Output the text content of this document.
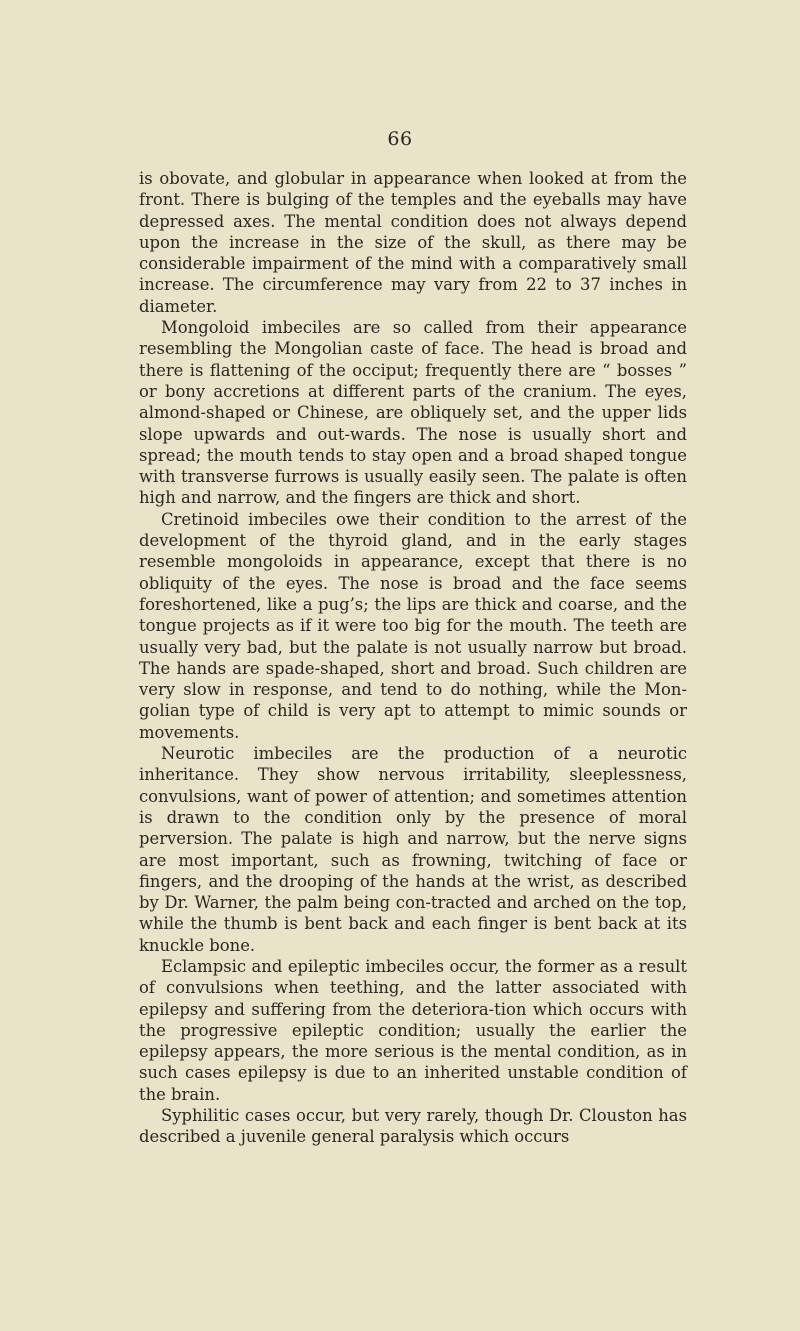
66

is obovate, and globular in appearance when looked at from the front. There is bulging of the temples and the eyeballs may have depressed axes. The mental condition does not always depend upon the increase in the size of the skull, as there may be considerable impairment of the mind with a comparatively small increase. The circumference may vary from 22 to 37 inches in diameter.

Mongoloid imbeciles are so called from their appearance resembling the Mongolian caste of face. The head is broad and there is flattening of the occiput; frequently there are “ bosses ” or bony accretions at different parts of the cranium. The eyes, almond-shaped or Chinese, are obliquely set, and the upper lids slope upwards and out-wards. The nose is usually short and spread; the mouth tends to stay open and a broad shaped tongue with transverse furrows is usually easily seen. The palate is often high and narrow, and the fingers are thick and short.

Cretinoid imbeciles owe their condition to the arrest of the development of the thyroid gland, and in the early stages resemble mongoloids in appearance, except that there is no obliquity of the eyes. The nose is broad and the face seems foreshortened, like a pug’s; the lips are thick and coarse, and the tongue projects as if it were too big for the mouth. The teeth are usually very bad, but the palate is not usually narrow but broad. The hands are spade-shaped, short and broad. Such children are very slow in response, and tend to do nothing, while the Mon-golian type of child is very apt to attempt to mimic sounds or movements.

Neurotic imbeciles are the production of a neurotic inheritance. They show nervous irritability, sleeplessness, convulsions, want of power of attention; and sometimes attention is drawn to the condition only by the presence of moral perversion. The palate is high and narrow, but the nerve signs are most important, such as frowning, twitching of face or fingers, and the drooping of the hands at the wrist, as described by Dr. Warner, the palm being con-tracted and arched on the top, while the thumb is bent back and each finger is bent back at its knuckle bone.

Eclampsic and epileptic imbeciles occur, the former as a result of convulsions when teething, and the latter associated with epilepsy and suffering from the deteriora-tion which occurs with the progressive epileptic condition; usually the earlier the epilepsy appears, the more serious is the mental condition, as in such cases epilepsy is due to an inherited unstable condition of the brain.

Syphilitic cases occur, but very rarely, though Dr. Clouston has described a juvenile general paralysis which occurs
